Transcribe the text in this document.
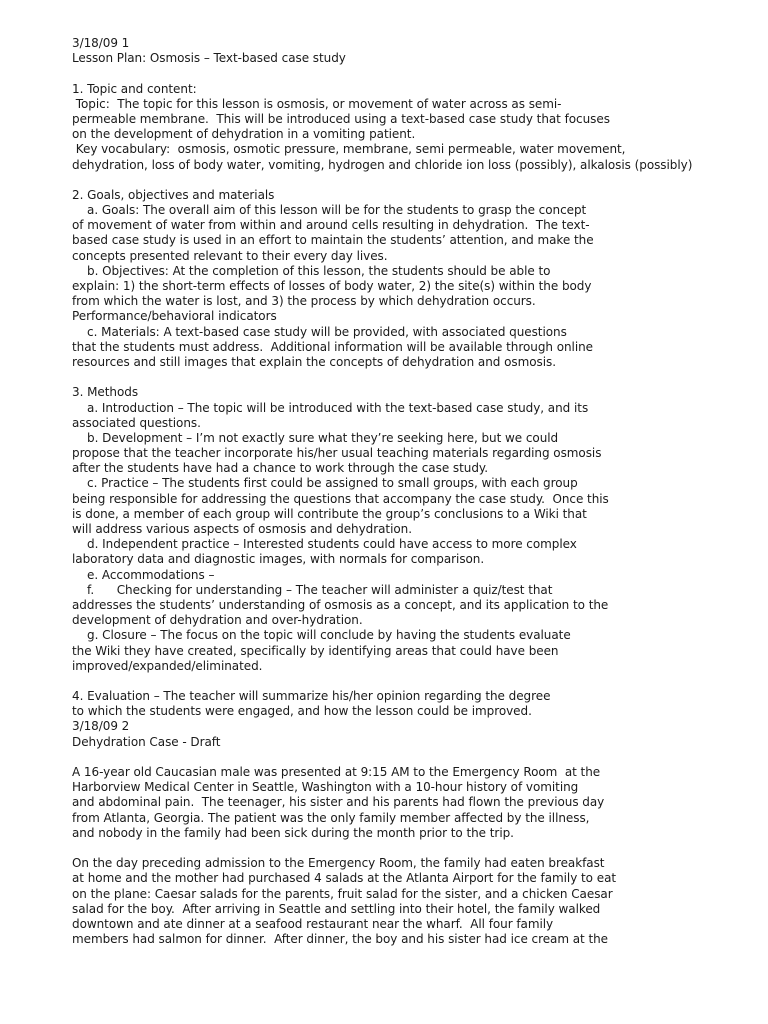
3/18/09 1
Lesson Plan: Osmosis – Text-based case study
1. Topic and content:
Topic:  The topic for this lesson is osmosis, or movement of water across as semi-
permeable membrane.  This will be introduced using a text-based case study that focuses
on the development of dehydration in a vomiting patient.
Key vocabulary:  osmosis, osmotic pressure, membrane, semi permeable, water movement,
dehydration, loss of body water, vomiting, hydrogen and chloride ion loss (possibly), alkalosis (possibly)
2. Goals, objectives and materials
a. Goals: The overall aim of this lesson will be for the students to grasp the concept
of movement of water from within and around cells resulting in dehydration.  The text-
based case study is used in an effort to maintain the students’ attention, and make the
concepts presented relevant to their every day lives.
b. Objectives: At the completion of this lesson, the students should be able to
explain: 1) the short-term effects of losses of body water, 2) the site(s) within the body
from which the water is lost, and 3) the process by which dehydration occurs.
Performance/behavioral indicators
c. Materials: A text-based case study will be provided, with associated questions
that the students must address.  Additional information will be available through online
resources and still images that explain the concepts of dehydration and osmosis.
3. Methods
a. Introduction – The topic will be introduced with the text-based case study, and its
associated questions.
b. Development – I’m not exactly sure what they’re seeking here, but we could
propose that the teacher incorporate his/her usual teaching materials regarding osmosis
after the students have had a chance to work through the case study.
c. Practice – The students first could be assigned to small groups, with each group
being responsible for addressing the questions that accompany the case study.  Once this
is done, a member of each group will contribute the group’s conclusions to a Wiki that
will address various aspects of osmosis and dehydration.
d. Independent practice – Interested students could have access to more complex
laboratory data and diagnostic images, with normals for comparison.
e. Accommodations –
f.      Checking for understanding – The teacher will administer a quiz/test that
addresses the students’ understanding of osmosis as a concept, and its application to the
development of dehydration and over-hydration.
g. Closure – The focus on the topic will conclude by having the students evaluate
the Wiki they have created, specifically by identifying areas that could have been
improved/expanded/eliminated.
4. Evaluation – The teacher will summarize his/her opinion regarding the degree
to which the students were engaged, and how the lesson could be improved.
3/18/09 2
Dehydration Case - Draft
A 16-year old Caucasian male was presented at 9:15 AM to the Emergency Room  at the
Harborview Medical Center in Seattle, Washington with a 10-hour history of vomiting
and abdominal pain.  The teenager, his sister and his parents had flown the previous day
from Atlanta, Georgia. The patient was the only family member affected by the illness,
and nobody in the family had been sick during the month prior to the trip.
On the day preceding admission to the Emergency Room, the family had eaten breakfast
at home and the mother had purchased 4 salads at the Atlanta Airport for the family to eat
on the plane: Caesar salads for the parents, fruit salad for the sister, and a chicken Caesar
salad for the boy.  After arriving in Seattle and settling into their hotel, the family walked
downtown and ate dinner at a seafood restaurant near the wharf.  All four family
members had salmon for dinner.  After dinner, the boy and his sister had ice cream at the
